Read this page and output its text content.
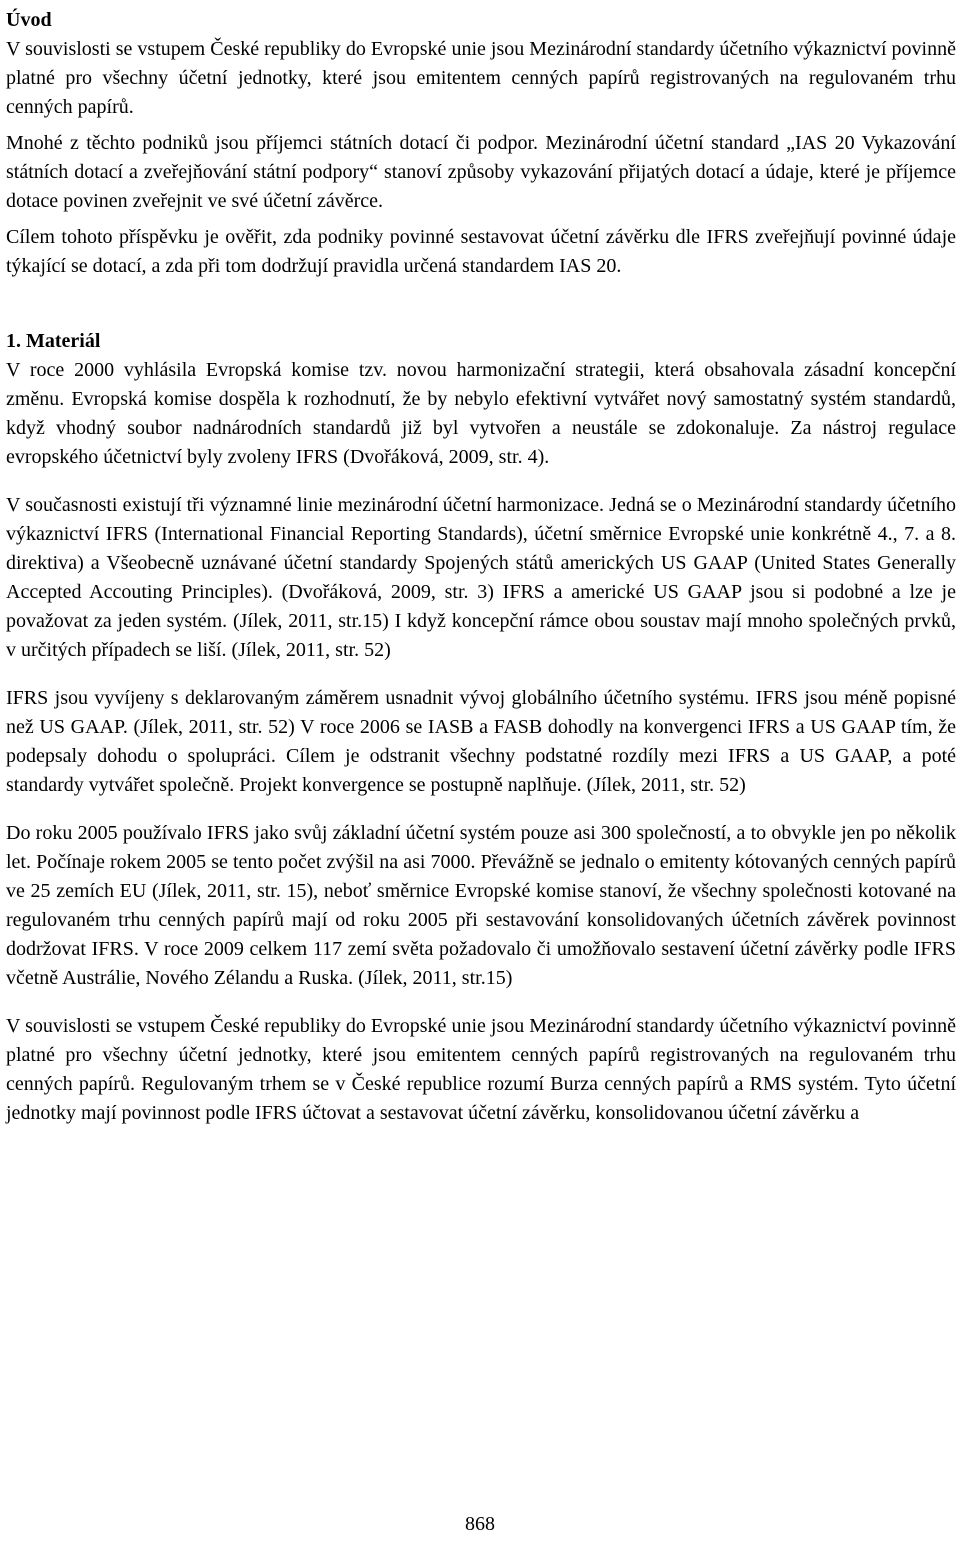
Úvod

V souvislosti se vstupem České republiky do Evropské unie jsou Mezinárodní standardy účetního výkaznictví povinně platné pro všechny účetní jednotky, které jsou emitentem cenných papírů registrovaných na regulovaném trhu cenných papírů.

Mnohé z těchto podniků jsou příjemci státních dotací či podpor. Mezinárodní účetní standard „IAS 20 Vykazování státních dotací a zveřejňování státní podpory“ stanoví způsoby vykazování přijatých dotací a údaje, které je příjemce dotace povinen zveřejnit ve své účetní závěrce.

Cílem tohoto příspěvku je ověřit, zda podniky povinné sestavovat účetní závěrku dle IFRS zveřejňují povinné údaje týkající se dotací, a zda při tom dodržují pravidla určená standardem IAS 20.

1. Materiál

V roce 2000 vyhlásila Evropská komise tzv. novou harmonizační strategii, která obsahovala zásadní koncepční změnu. Evropská komise dospěla k rozhodnutí, že by nebylo efektivní vytvářet nový samostatný systém standardů, když vhodný soubor nadnárodních standardů již byl vytvořen a neustále se zdokonaluje. Za nástroj regulace evropského účetnictví byly zvoleny IFRS (Dvořáková, 2009, str. 4).

V současnosti existují tři významné linie mezinárodní účetní harmonizace. Jedná se o Mezinárodní standardy účetního výkaznictví IFRS (International Financial Reporting Standards), účetní směrnice Evropské unie konkrétně 4., 7. a 8. direktiva) a Všeobecně uznávané účetní standardy Spojených států amerických US GAAP (United States Generally Accepted Accouting Principles). (Dvořáková, 2009, str. 3) IFRS a americké US GAAP jsou si podobné a lze je považovat za jeden systém. (Jílek, 2011, str.15) I když koncepční rámce obou soustav mají mnoho společných prvků, v určitých případech se liší. (Jílek, 2011, str. 52)

IFRS jsou vyvíjeny s deklarovaným záměrem usnadnit vývoj globálního účetního systému. IFRS jsou méně popisné než US GAAP. (Jílek, 2011, str. 52) V roce 2006 se IASB a FASB dohodly na konvergenci IFRS a US GAAP tím, že podepsaly dohodu o spolupráci. Cílem je odstranit všechny podstatné rozdíly mezi IFRS a US GAAP, a poté standardy vytvářet společně. Projekt konvergence se postupně naplňuje. (Jílek, 2011, str. 52)

Do roku 2005 používalo IFRS jako svůj základní účetní systém pouze asi 300 společností, a to obvykle jen po několik let. Počínaje rokem 2005 se tento počet zvýšil na asi 7000. Převážně se jednalo o emitenty kótovaných cenných papírů ve 25 zemích EU (Jílek, 2011, str. 15), neboť směrnice Evropské komise stanoví, že všechny společnosti kotované na regulovaném trhu cenných papírů mají od roku 2005 při sestavování konsolidovaných účetních závěrek povinnost dodržovat IFRS. V roce 2009 celkem 117 zemí světa požadovalo či umožňovalo sestavení účetní závěrky podle IFRS včetně Austrálie, Nového Zélandu a Ruska. (Jílek, 2011, str.15)

V souvislosti se vstupem České republiky do Evropské unie jsou Mezinárodní standardy účetního výkaznictví povinně platné pro všechny účetní jednotky, které jsou emitentem cenných papírů registrovaných na regulovaném trhu cenných papírů. Regulovaným trhem se v České republice rozumí Burza cenných papírů a RMS systém. Tyto účetní jednotky mají povinnost podle IFRS účtovat a sestavovat účetní závěrku, konsolidovanou účetní závěrku a

868
